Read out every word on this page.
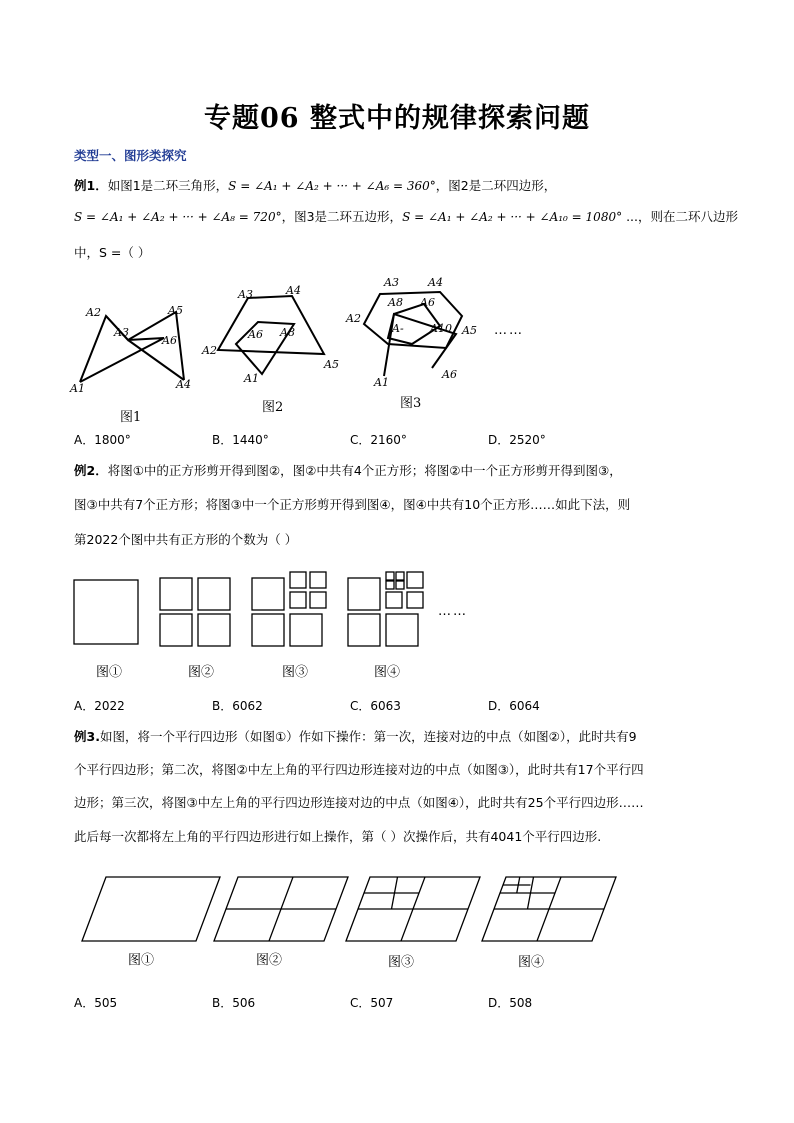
专题06 整式中的规律探索问题
类型一、图形类探究
例1．如图1是二环三角形，S = ∠A₁ + ∠A₂ + ··· + ∠A₆ = 360°，图2是二环四边形，
S = ∠A₁ + ∠A₂ + ··· + ∠A₈ = 720°，图3是二环五边形，S = ∠A₁ + ∠A₂ + ··· + ∠A₁₀ = 1080° ...，则在二环八边形
中，S =（ ）
A2
A3
A1
A5
A4
A6
图1
A3	A4
A2
A6 A8
A1
A5
图2
A3	A4
A2
A8 A6
A- A10 A5
A1
A6
图3
……
A．1800°	B．1440°	C．2160°	D．2520°
例2．将图①中的正方形剪开得到图②，图②中共有4个正方形；将图②中一个正方形剪开得到图③，
图③中共有7个正方形；将图③中一个正方形剪开得到图④，图④中共有10个正方形……如此下法，则
第2022个图中共有正方形的个数为（ ）
……
图①	图②	图③	图④
A．2022	B．6062	C．6063	D．6064
例3.如图，将一个平行四边形（如图①）作如下操作：第一次，连接对边的中点（如图②），此时共有9
个平行四边形；第二次，将图②中左上角的平行四边形连接对边的中点（如图③），此时共有17个平行四
边形；第三次，将图③中左上角的平行四边形连接对边的中点（如图④），此时共有25个平行四边形……
此后每一次都将左上角的平行四边形进行如上操作，第（ ）次操作后，共有4041个平行四边形.
图①	图②	图③	图④
A．505	B．506	C．507	D．508
